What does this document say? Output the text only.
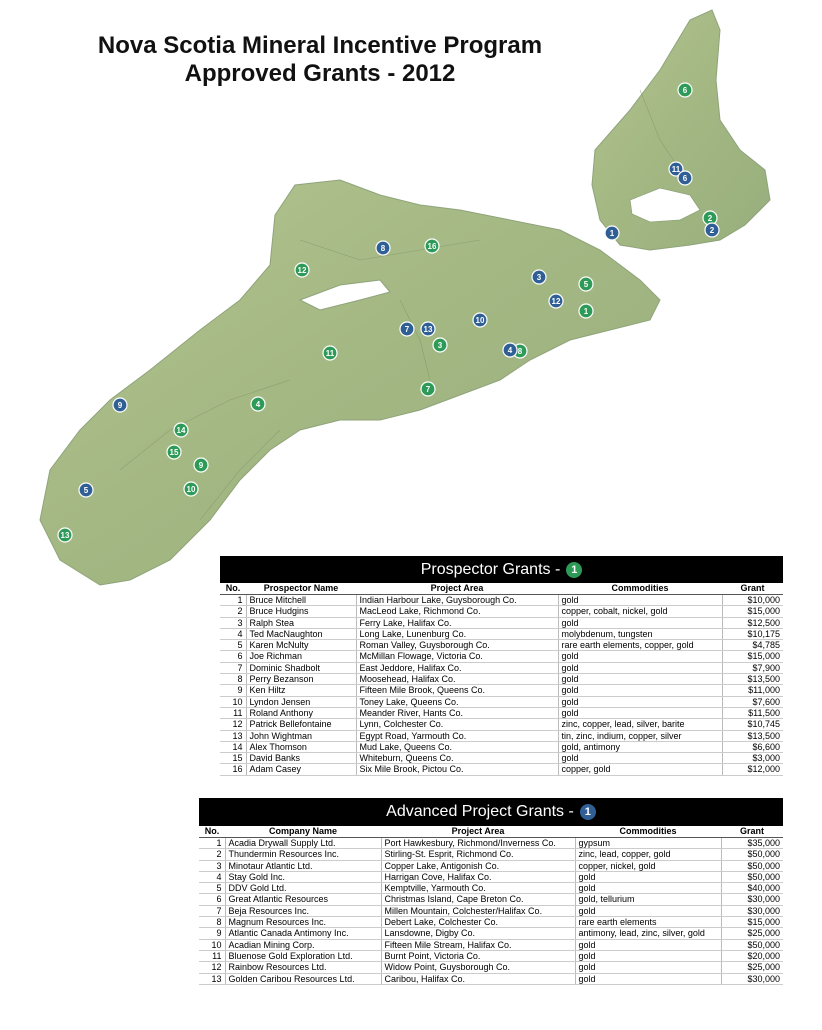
6
2
5
1
16
12
3
8
11
4
7
14
15
9
10
13
11
6
2
1
8
3
12
7 13
10
4
9
5
Nova Scotia Mineral Incentive Program
Approved Grants - 2012
Prospector Grants - 1
No.	Prospector Name	Project Area	Commodities	Grant
1	Bruce Mitchell	Indian Harbour Lake, Guysborough Co.	gold	$10,000
2	Bruce Hudgins	MacLeod Lake, Richmond Co.	copper, cobalt, nickel, gold	$15,000
3	Ralph Stea	Ferry Lake, Halifax Co.	gold	$12,500
4	Ted MacNaughton	Long Lake, Lunenburg Co.	molybdenum, tungsten	$10,175
5	Karen McNulty	Roman Valley, Guysborough Co.	rare earth elements, copper, gold	$4,785
6	Joe Richman	McMillan Flowage, Victoria Co.	gold	$15,000
7	Dominic Shadbolt	East Jeddore, Halifax Co.	gold	$7,900
8	Perry Bezanson	Moosehead, Halifax Co.	gold	$13,500
9	Ken Hiltz	Fifteen Mile Brook, Queens Co.	gold	$11,000
10	Lyndon Jensen	Toney Lake, Queens Co.	gold	$7,600
11	Roland Anthony	Meander River, Hants Co.	gold	$11,500
12	Patrick Bellefontaine	Lynn, Colchester Co.	zinc, copper, lead, silver, barite	$10,745
13	John Wightman	Egypt Road, Yarmouth Co.	tin, zinc, indium, copper, silver	$13,500
14	Alex Thomson	Mud Lake, Queens Co.	gold, antimony	$6,600
15	David Banks	Whiteburn, Queens Co.	gold	$3,000
16	Adam Casey	Six Mile Brook, Pictou Co.	copper, gold	$12,000
Advanced Project Grants - 1
No.	Company Name	Project Area	Commodities	Grant
1	Acadia Drywall Supply Ltd.	Port Hawkesbury, Richmond/Inverness Co.	gypsum	$35,000
2	Thundermin Resources Inc.	Stirling-St. Esprit, Richmond Co.	zinc, lead, copper, gold	$50,000
3	Minotaur Atlantic Ltd.	Copper Lake, Antigonish Co.	copper, nickel, gold	$50,000
4	Stay Gold Inc.	Harrigan Cove, Halifax Co.	gold	$50,000
5	DDV Gold Ltd.	Kemptville, Yarmouth Co.	gold	$40,000
6	Great Atlantic Resources	Christmas Island, Cape Breton Co.	gold, tellurium	$30,000
7	Beja Resources Inc.	Millen Mountain, Colchester/Halifax Co.	gold	$30,000
8	Magnum Resources Inc.	Debert Lake, Colchester Co.	rare earth elements	$15,000
9	Atlantic Canada Antimony Inc.	Lansdowne, Digby Co.	antimony, lead, zinc, silver, gold	$25,000
10	Acadian Mining Corp.	Fifteen Mile Stream, Halifax Co.	gold	$50,000
11	Bluenose Gold Exploration Ltd.	Burnt Point, Victoria Co.	gold	$20,000
12	Rainbow Resources Ltd.	Widow Point, Guysborough Co.	gold	$25,000
13	Golden Caribou Resources Ltd.	Caribou, Halifax Co.	gold	$30,000
